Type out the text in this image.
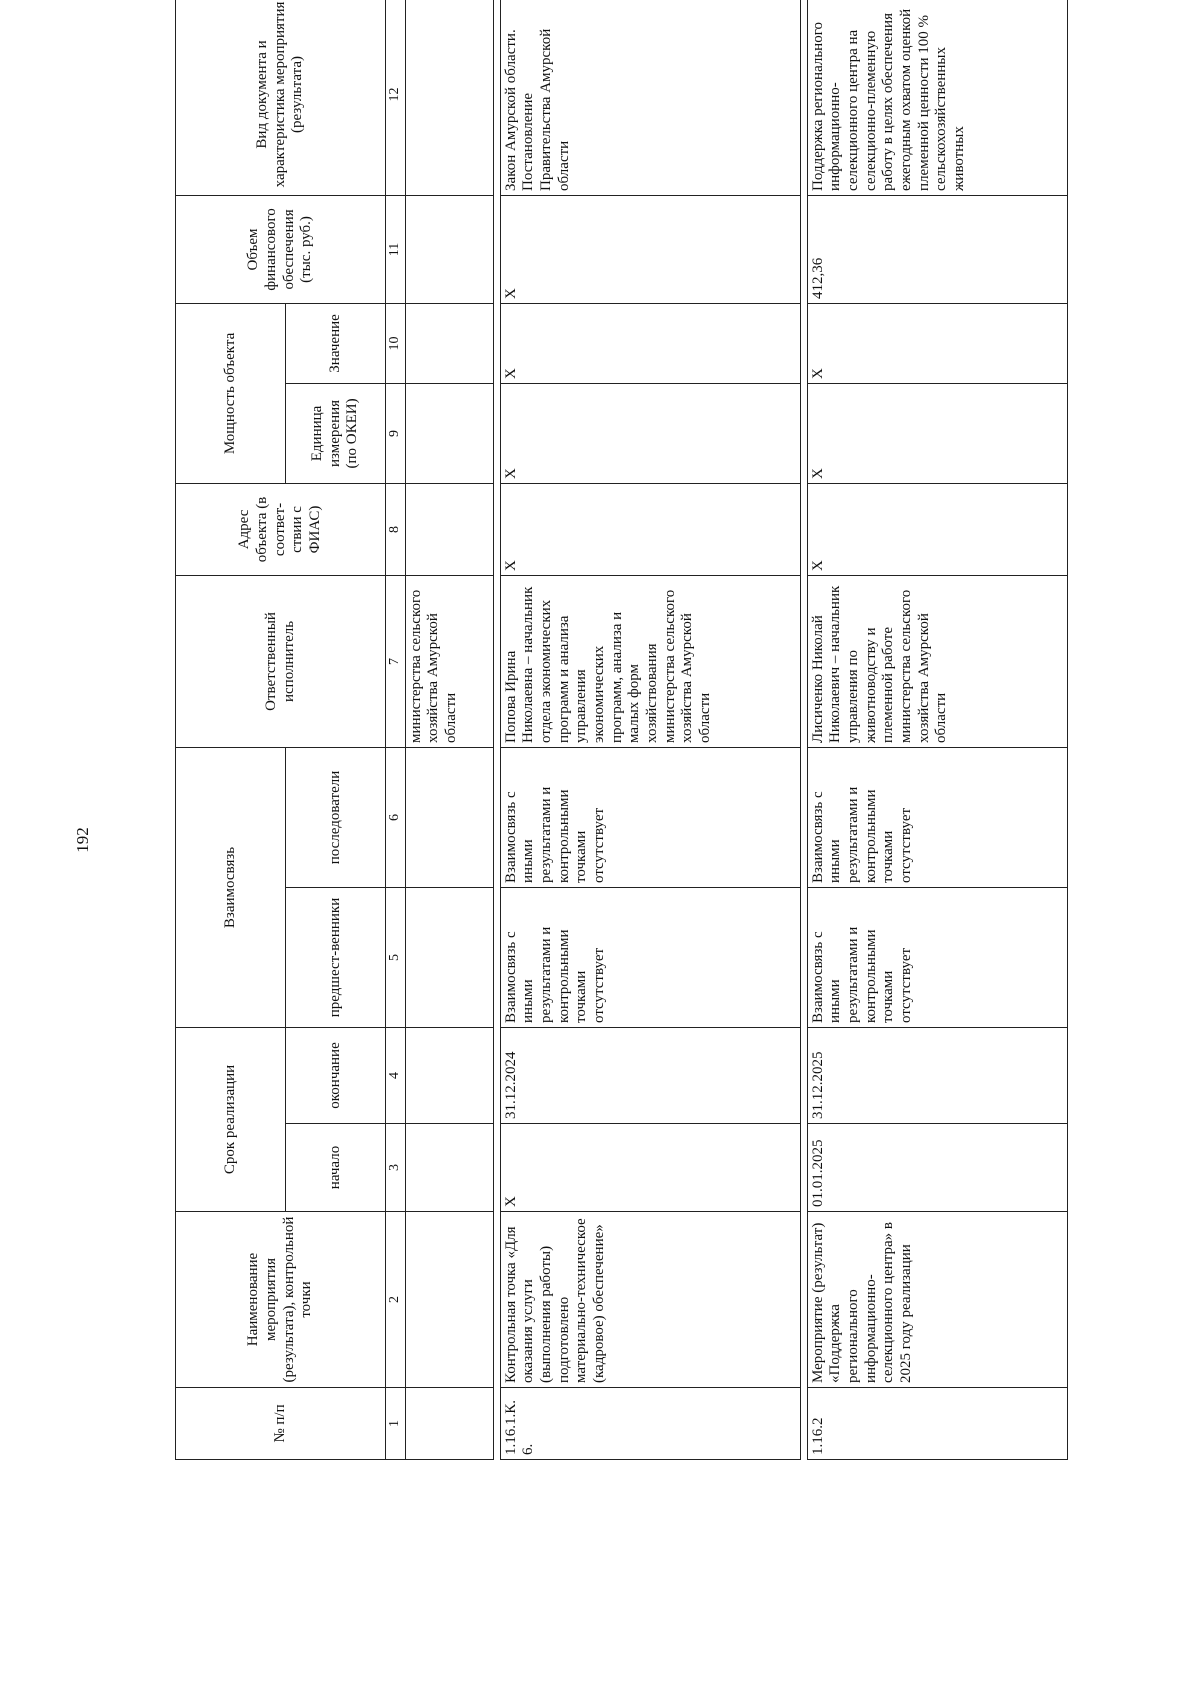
192
№ п/п	Наименование мероприятия (результата), контрольной точки	Срок реализации		Взаимосвязь		Ответственный исполнитель	Адрес объекта (в соответ-ствии с ФИАС)	Мощность объекта		Объем финансового обеспечения (тыс. руб.)	Вид документа и характеристика мероприятия (результата)	
		начало	окончание	предшест-венники	последователи			Единица измерения (по ОКЕИ)	Значение			
1	2	3	4	5	6	7	8	9	10	11	12	
						министерства сельского хозяйства Амурской области						

1.16.1.К. 6.	Контрольная точка «Для оказания услуги (выполнения работы) подготовлено материально-техническое (кадровое) обеспечение»	X	31.12.2024	Взаимосвязь с иными результатами и контрольными точками отсутствует	Взаимосвязь с иными результатами и контрольными точками отсутствует	Попова Ирина Николаевна – начальник отдела экономических программ и анализа управления экономических программ, анализа и малых форм хозяйствования министерства сельского хозяйства Амурской области	X	X	X	X	Закон Амурской области. Постановление Правительства Амурской области	

1.16.2	Мероприятие (результат) «Поддержка регионального информационно-селекционного центра» в 2025 году реализации	01.01.2025	31.12.2025	Взаимосвязь с иными результатами и контрольными точками отсутствует	Взаимосвязь с иными результатами и контрольными точками отсутствует	Лисиченко Николай Николаевич – начальник управления по животноводству и племенной работе министерства сельского хозяйства Амурской области	X	X	X	412,36	Поддержка регионального информационно-селекционного центра на селекционно-племенную работу в целях обеспечения ежегодным охватом оценкой племенной ценности 100 % сельскохозяйственных животных	
